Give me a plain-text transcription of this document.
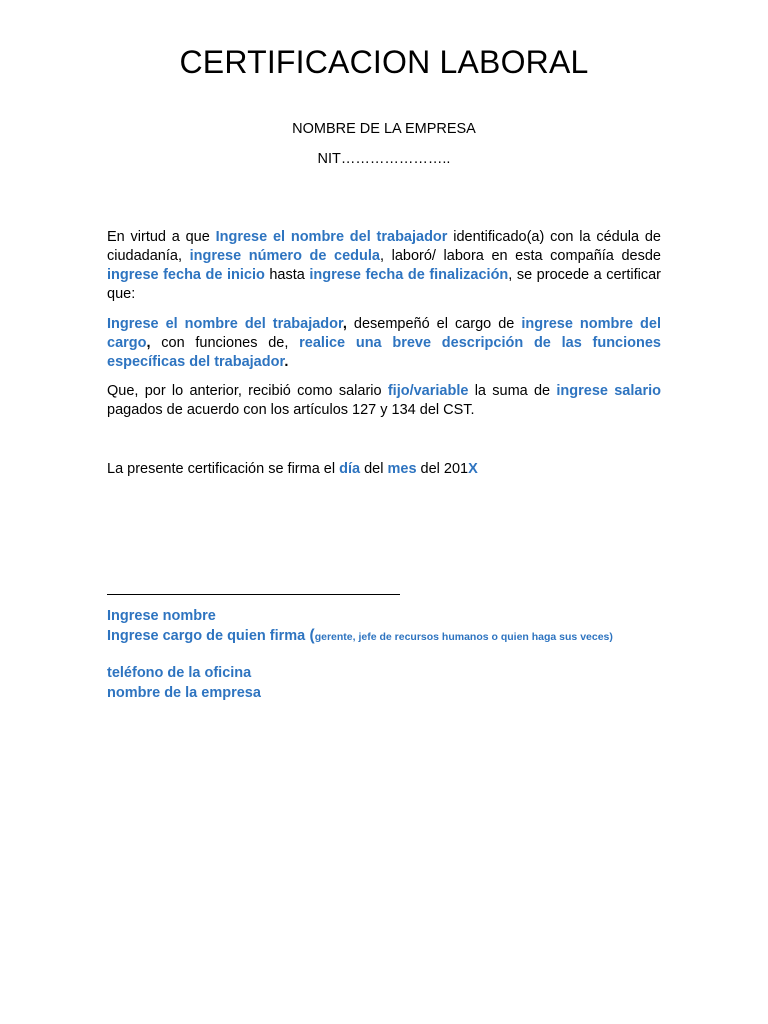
CERTIFICACION LABORAL
NOMBRE DE LA EMPRESA
NIT…………………..

En virtud a que Ingrese el nombre del trabajador identificado(a) con la cédula de ciudadanía, ingrese número de cedula, laboró/ labora en esta compañía desde ingrese fecha de inicio hasta ingrese fecha de finalización, se procede a certificar que:

Ingrese el nombre del trabajador, desempeñó el cargo de ingrese nombre del cargo, con funciones de, realice una breve descripción de las funciones específicas del trabajador.

Que, por lo anterior, recibió como salario fijo/variable la suma de ingrese salario pagados de acuerdo con los artículos 127 y 134 del CST.

La presente certificación se firma el día del mes del 201X

Ingrese nombre
Ingrese cargo de quien firma (gerente, jefe de recursos humanos o quien haga sus veces)
teléfono de la oficina
nombre de la empresa
